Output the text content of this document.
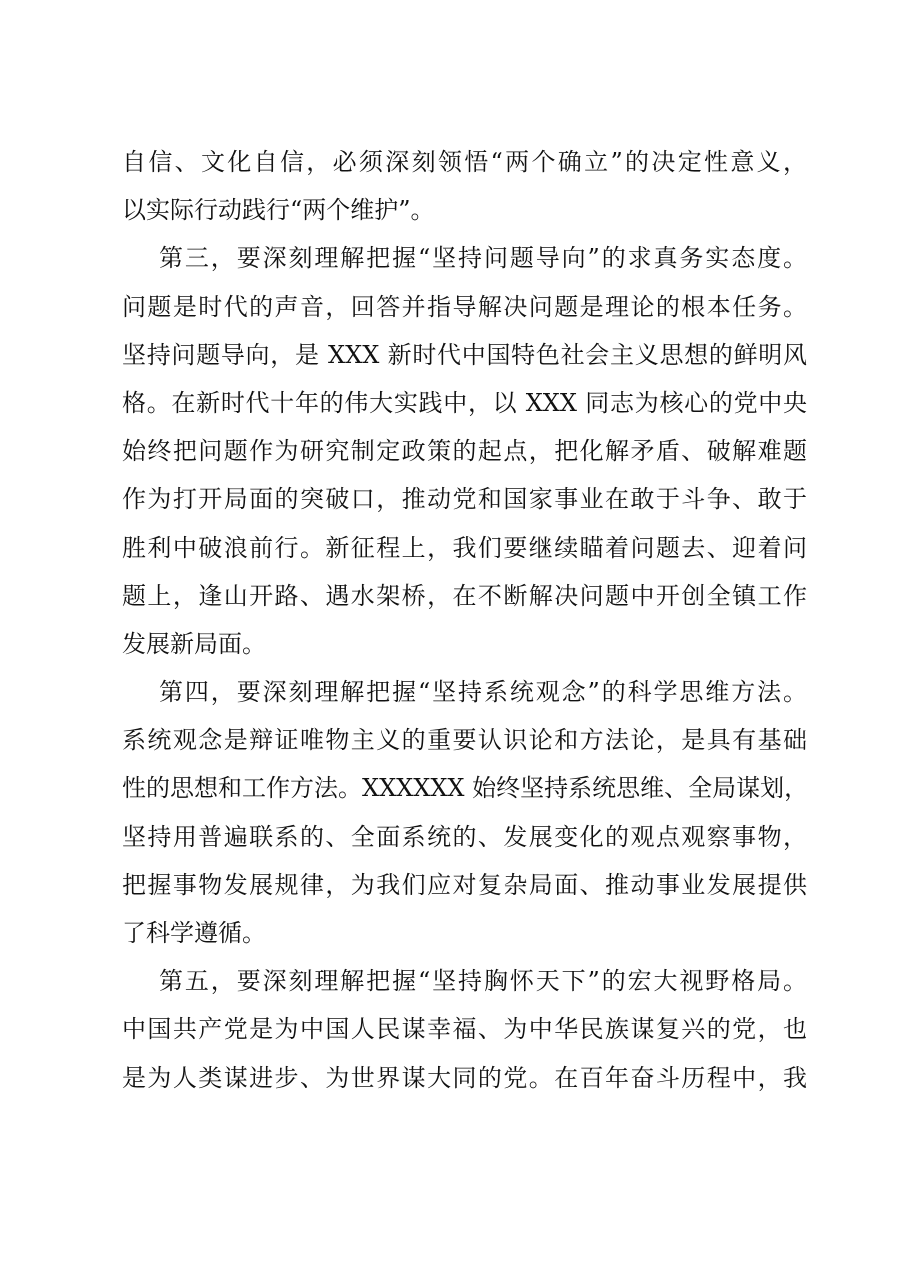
自信、文化自信，必须深刻领悟“两个确立”的决定性意义，
以实际行动践行“两个维护”。
第三，要深刻理解把握“坚持问题导向”的求真务实态度。
问题是时代的声音，回答并指导解决问题是理论的根本任务。
坚持问题导向，是 XXX 新时代中国特色社会主义思想的鲜明风
格。在新时代十年的伟大实践中，以 XXX 同志为核心的党中央
始终把问题作为研究制定政策的起点，把化解矛盾、破解难题
作为打开局面的突破口，推动党和国家事业在敢于斗争、敢于
胜利中破浪前行。新征程上，我们要继续瞄着问题去、迎着问
题上，逢山开路、遇水架桥，在不断解决问题中开创全镇工作
发展新局面。
第四，要深刻理解把握“坚持系统观念”的科学思维方法。
系统观念是辩证唯物主义的重要认识论和方法论，是具有基础
性的思想和工作方法。XXXXXX 始终坚持系统思维、全局谋划，
坚持用普遍联系的、全面系统的、发展变化的观点观察事物，
把握事物发展规律，为我们应对复杂局面、推动事业发展提供
了科学遵循。
第五，要深刻理解把握“坚持胸怀天下”的宏大视野格局。
中国共产党是为中国人民谋幸福、为中华民族谋复兴的党，也
是为人类谋进步、为世界谋大同的党。在百年奋斗历程中，我
